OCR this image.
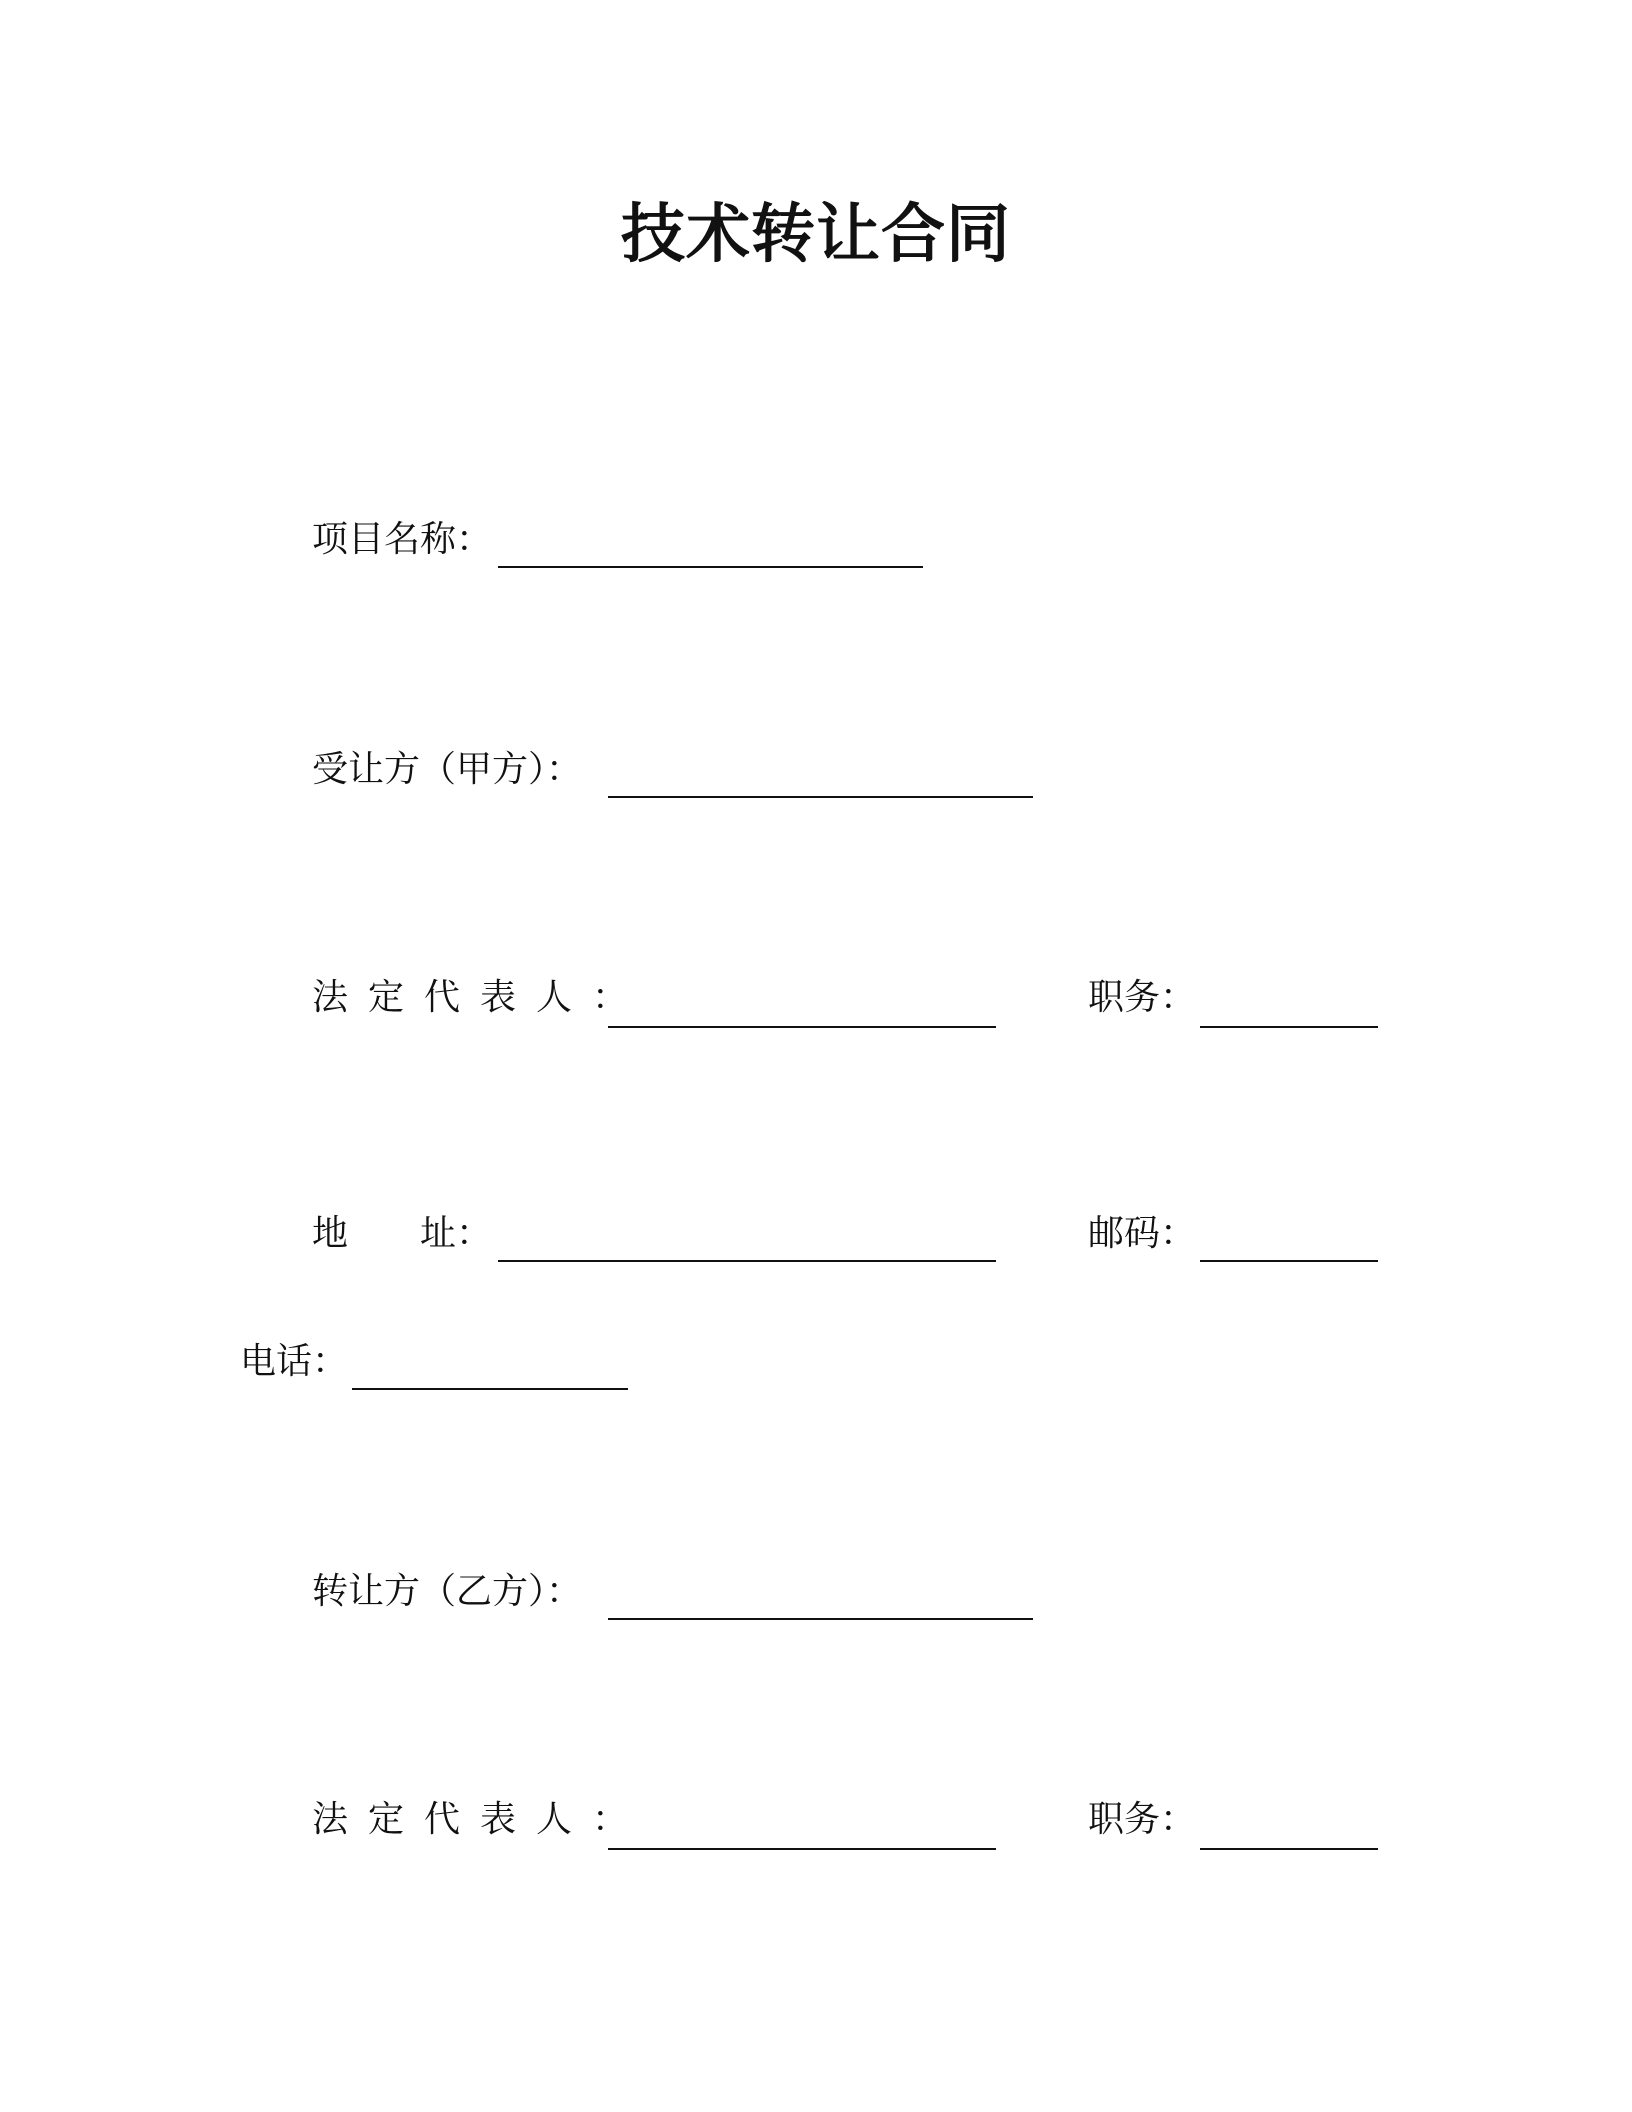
技术转让合同
项目名称：
受让方（甲方）：
法定代表人：	职务：
地　　址：	邮码：
电话：
转让方（乙方）：
法定代表人：	职务：
